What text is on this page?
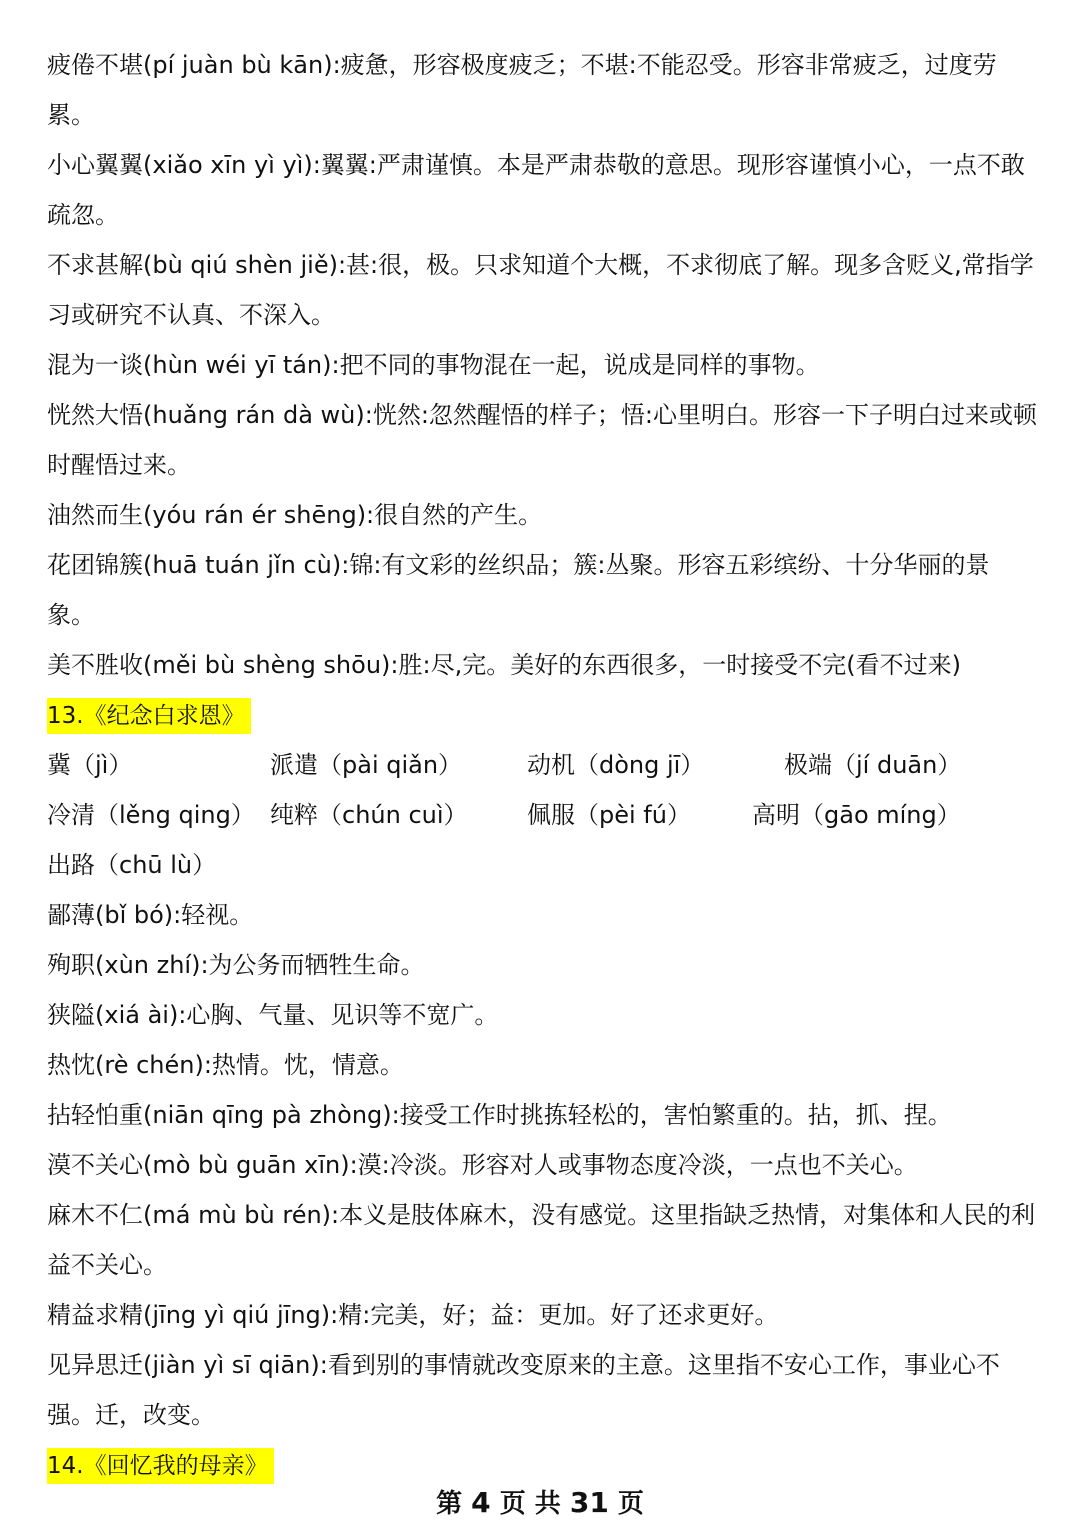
疲倦不堪(pí juàn bù kān):疲惫，形容极度疲乏；不堪:不能忍受。形容非常疲乏，过度劳累。

小心翼翼(xiǎo xīn yì yì):翼翼:严肃谨慎。本是严肃恭敬的意思。现形容谨慎小心，一点不敢疏忽。

不求甚解(bù qiú shèn jiě):甚:很，极。只求知道个大概，不求彻底了解。现多含贬义,常指学习或研究不认真、不深入。

混为一谈(hùn wéi yī tán):把不同的事物混在一起，说成是同样的事物。

恍然大悟(huǎng rán dà wù):恍然:忽然醒悟的样子；悟:心里明白。形容一下子明白过来或顿时醒悟过来。

油然而生(yóu rán ér shēng):很自然的产生。

花团锦簇(huā tuán jǐn cù):锦:有文彩的丝织品；簇:丛聚。形容五彩缤纷、十分华丽的景象。

美不胜收(měi bù shèng shōu):胜:尽,完。美好的东西很多，一时接受不完(看不过来)

13.《纪念白求恩》
冀（jì）	派遣（pài qiǎn）	动机（dòng jī）	极端（jí duān）
冷清（lěng qing） 纯粹（chún cuì） 佩服（pèi fú）	高明（gāo míng）
出路（chū lù）

鄙薄(bǐ bó):轻视。

殉职(xùn zhí):为公务而牺牲生命。

狭隘(xiá ài):心胸、气量、见识等不宽广。

热忱(rè chén):热情。忱，情意。

拈轻怕重(niān qīng pà zhòng):接受工作时挑拣轻松的，害怕繁重的。拈，抓、捏。

漠不关心(mò bù guān xīn):漠:冷淡。形容对人或事物态度冷淡，一点也不关心。

麻木不仁(má mù bù rén):本义是肢体麻木，没有感觉。这里指缺乏热情，对集体和人民的利益不关心。

精益求精(jīng yì qiú jīng):精:完美，好；益：更加。好了还求更好。

见异思迁(jiàn yì sī qiān):看到别的事情就改变原来的主意。这里指不安心工作，事业心不强。迁，改变。

14.《回忆我的母亲》
第 4 页 共 31 页
